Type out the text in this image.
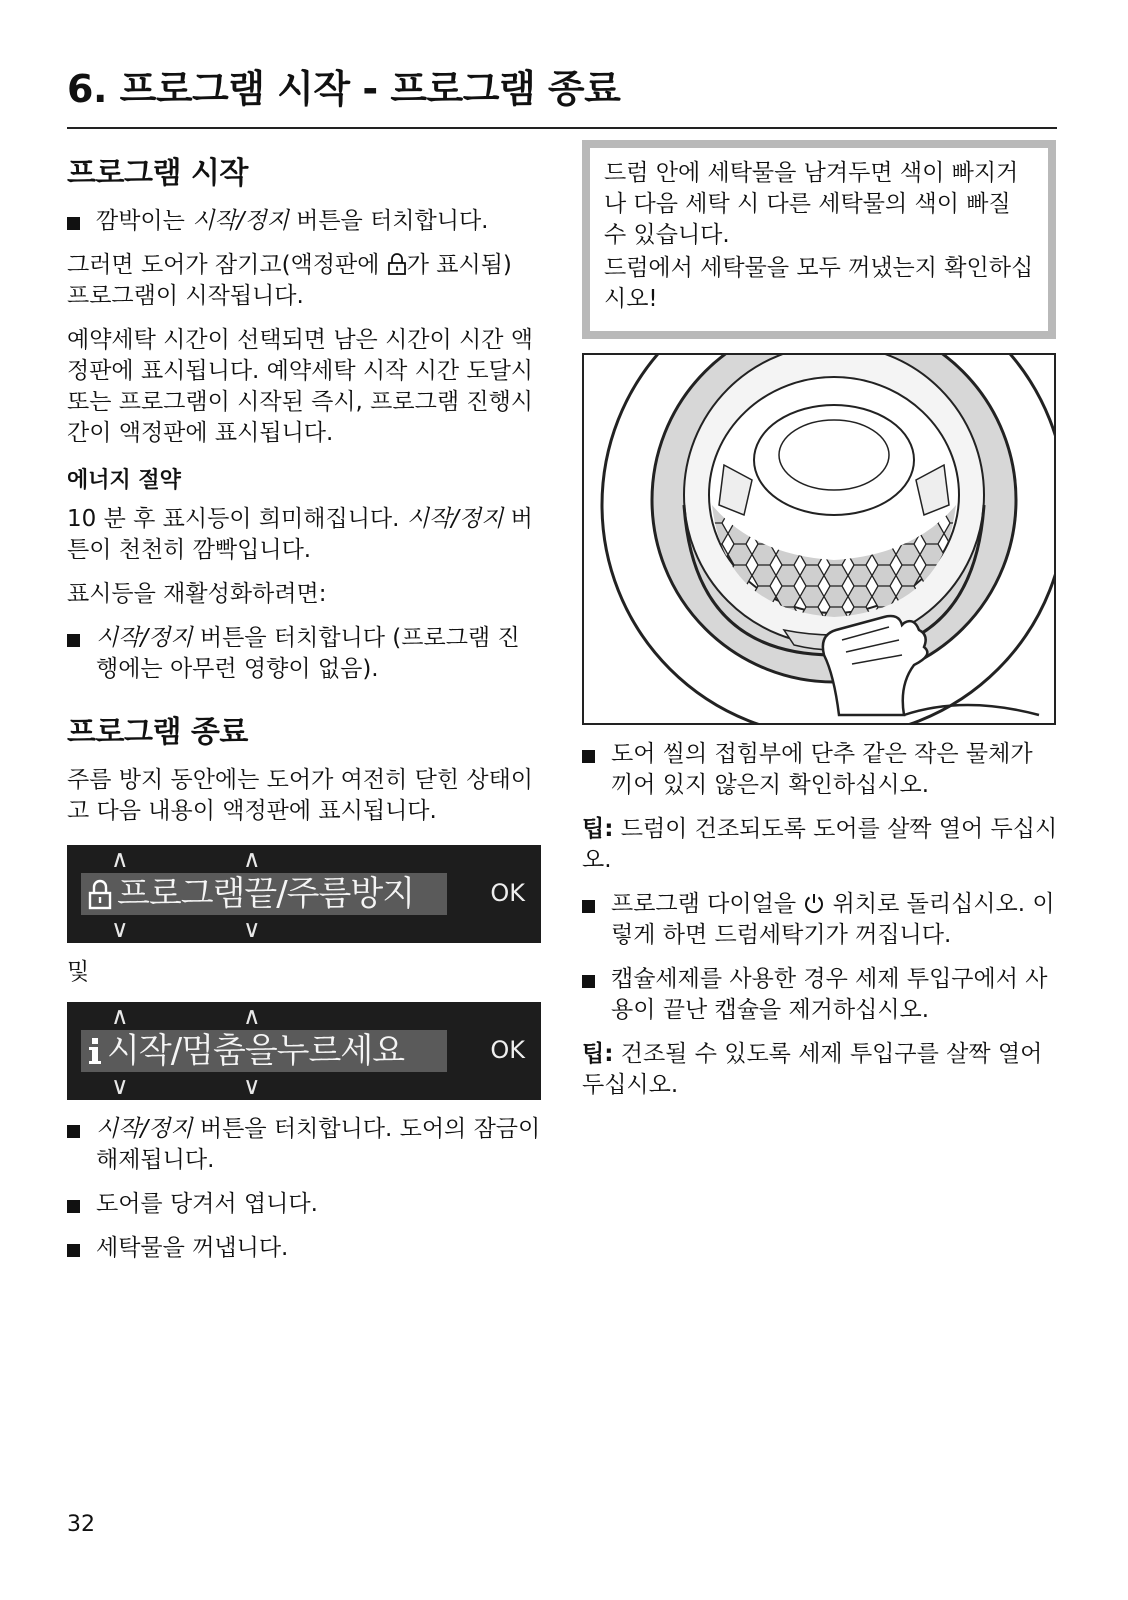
6. 프로그램 시작 - 프로그램 종료
프로그램 시작
깜박이는 시작/정지 버튼을 터치합니다.

그러면 도어가 잠기고(액정판에 가 표시됨) 프로그램이 시작됩니다.

예약세탁 시간이 선택되면 남은 시간이 시간 액정판에 표시됩니다. 예약세탁 시작 시간 도달시 또는 프로그램이 시작된 즉시, 프로그램 진행시간이 액정판에 표시됩니다.

에너지 절약

10 분 후 표시등이 희미해집니다. 시작/정지 버튼이 천천히 깜빡입니다.

표시등을 재활성화하려면:

시작/정지 버튼을 터치합니다 (프로그램 진행에는 아무런 영향이 없음).
프로그램 종료

주름 방지 동안에는 도어가 여전히 닫힌 상태이고 다음 내용이 액정판에 표시됩니다.

∧	∧
프로그램끝/주름방지	OK
∨	∨

및

∧	∧
시작/멈춤을누르세요	OK
∨	∨
시작/정지 버튼을 터치합니다. 도어의 잠금이 해제됩니다.
도어를 당겨서 엽니다.
세탁물을 꺼냅니다.

드럼 안에 세탁물을 남겨두면 색이 빠지거나 다음 세탁 시 다른 세탁물의 색이 빠질 수 있습니다.

드럼에서 세탁물을 모두 꺼냈는지 확인하십시오!

도어 씰의 접힘부에 단추 같은 작은 물체가 끼어 있지 않은지 확인하십시오.

팁: 드럼이 건조되도록 도어를 살짝 열어 두십시오.

프로그램 다이얼을  위치로 돌리십시오. 이렇게 하면 드럼세탁기가 꺼집니다.
캡슐세제를 사용한 경우 세제 투입구에서 사용이 끝난 캡슐을 제거하십시오.

팁: 건조될 수 있도록 세제 투입구를 살짝 열어 두십시오.

32
